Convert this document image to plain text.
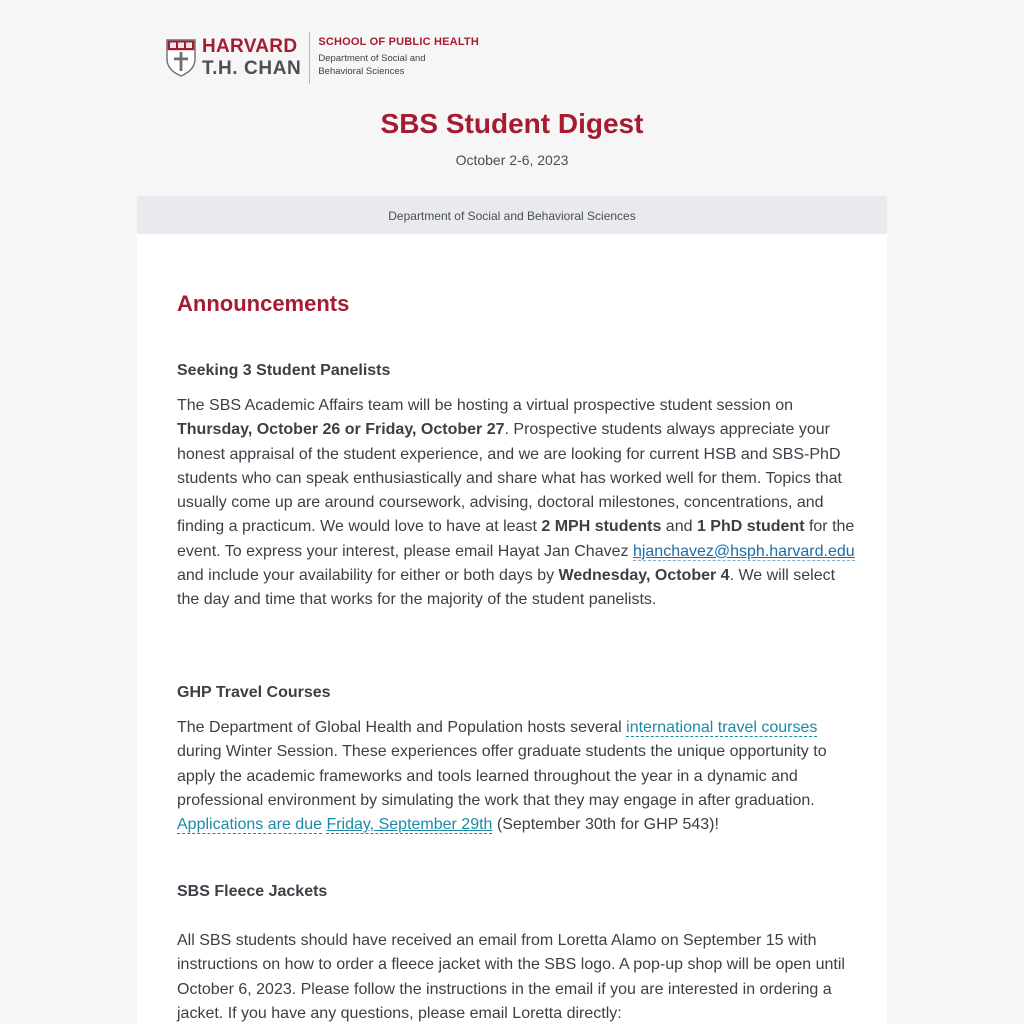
HARVARD
T.H. CHAN
SCHOOL OF PUBLIC HEALTH
Department of Social and
Behavioral Sciences
SBS Student Digest
October 2-6, 2023
Department of Social and Behavioral Sciences
Announcements
Seeking 3 Student Panelists
The SBS Academic Affairs team will be hosting a virtual prospective student session on Thursday, October 26 or Friday, October 27. Prospective students always appreciate your honest appraisal of the student experience, and we are looking for current HSB and SBS-PhD students who can speak enthusiastically and share what has worked well for them. Topics that usually come up are around coursework, advising, doctoral milestones, concentrations, and finding a practicum. We would love to have at least 2 MPH students and 1 PhD student for the event. To express your interest, please email Hayat Jan Chavez hjanchavez@hsph.harvard.edu and include your availability for either or both days by Wednesday, October 4. We will select the day and time that works for the majority of the student panelists.
GHP Travel Courses
The Department of Global Health and Population hosts several international travel courses during Winter Session. These experiences offer graduate students the unique opportunity to apply the academic frameworks and tools learned throughout the year in a dynamic and professional environment by simulating the work that they may engage in after graduation. Applications are due Friday, September 29th (September 30th for GHP 543)!
SBS Fleece Jackets
All SBS students should have received an email from Loretta Alamo on September 15 with instructions on how to order a fleece jacket with the SBS logo. A pop-up shop will be open until October 6, 2023. Please follow the instructions in the email if you are interested in ordering a jacket. If you have any questions, please email Loretta directly:
